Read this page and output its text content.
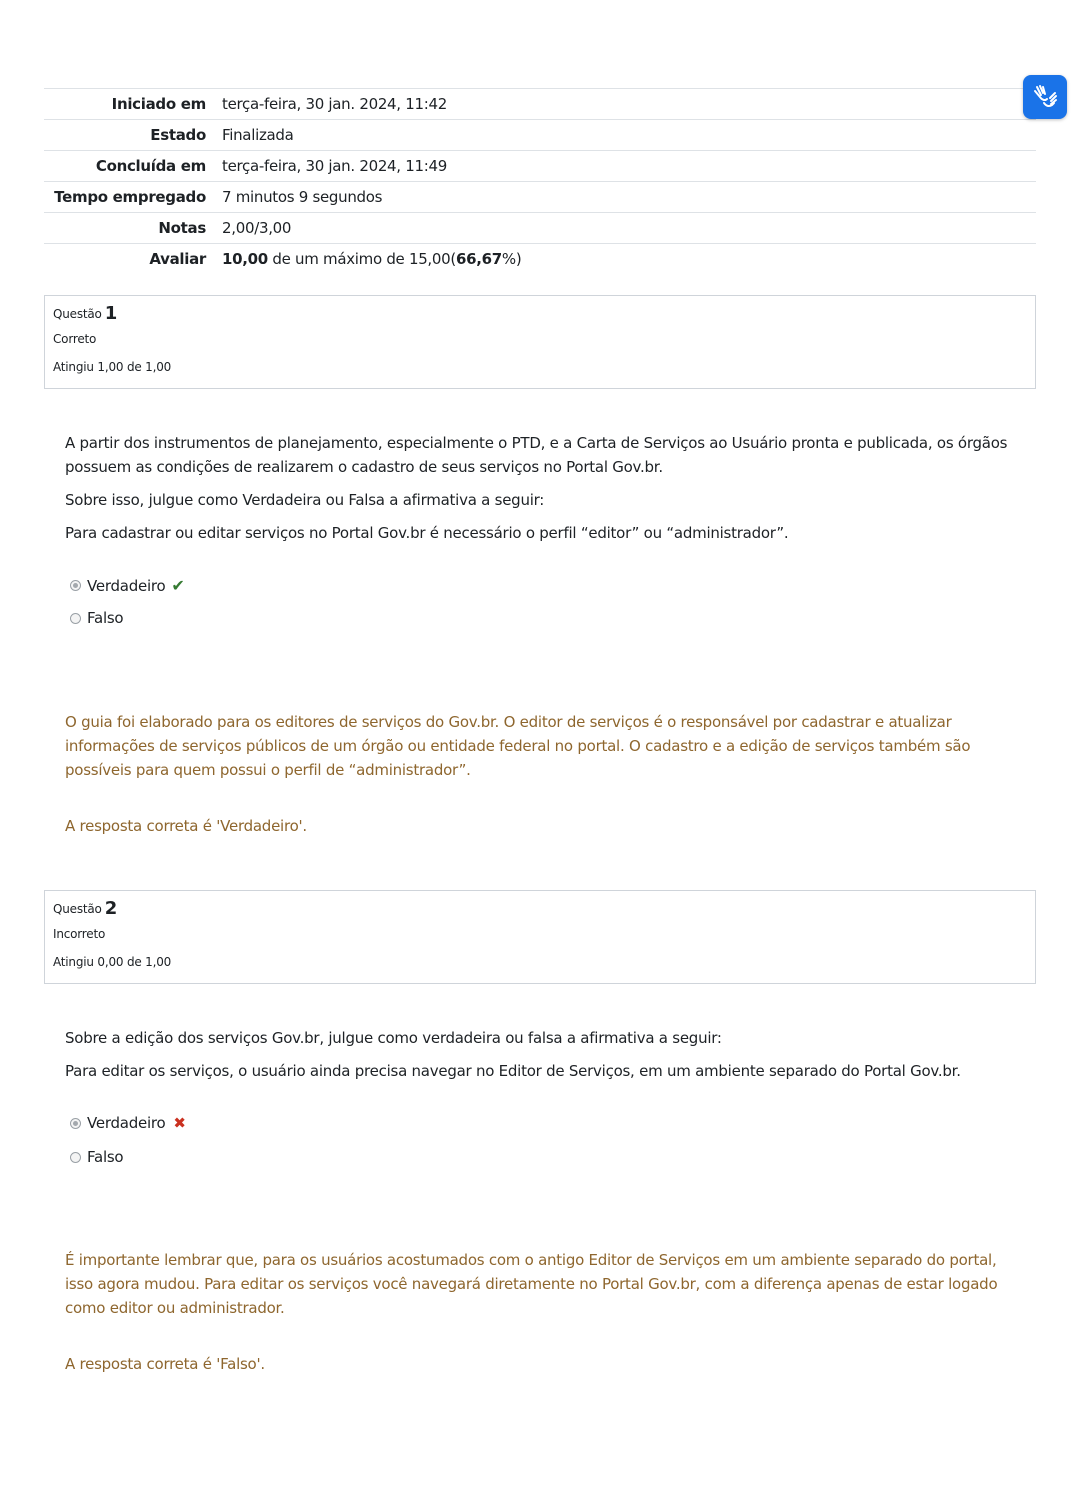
Iniciado em	terça-feira, 30 jan. 2024, 11:42
Estado	Finalizada
Concluída em	terça-feira, 30 jan. 2024, 11:49
Tempo empregado	7 minutos 9 segundos
Notas	2,00/3,00
Avaliar	10,00 de um máximo de 15,00(66,67%)
Questão 1
Correto
Atingiu 1,00 de 1,00

A partir dos instrumentos de planejamento, especialmente o PTD, e a Carta de Serviços ao Usuário pronta e publicada, os órgãos possuem as condições de realizarem o cadastro de seus serviços no Portal Gov.br.

Sobre isso, julgue como Verdadeira ou Falsa a afirmativa a seguir:

Para cadastrar ou editar serviços no Portal Gov.br é necessário o perfil “editor” ou “administrador”.

Verdadeiro ✔
Falso
O guia foi elaborado para os editores de serviços do Gov.br. O editor de serviços é o responsável por cadastrar e atualizar informações de serviços públicos de um órgão ou entidade federal no portal. O cadastro e a edição de serviços também são possíveis para quem possui o perfil de “administrador”.
A resposta correta é 'Verdadeiro'.
Questão 2
Incorreto
Atingiu 0,00 de 1,00

Sobre a edição dos serviços Gov.br, julgue como verdadeira ou falsa a afirmativa a seguir:

Para editar os serviços, o usuário ainda precisa navegar no Editor de Serviços, em um ambiente separado do Portal Gov.br.

Verdadeiro ✖
Falso
É importante lembrar que, para os usuários acostumados com o antigo Editor de Serviços em um ambiente separado do portal, isso agora mudou. Para editar os serviços você navegará diretamente no Portal Gov.br, com a diferença apenas de estar logado como editor ou administrador.
A resposta correta é 'Falso'.
